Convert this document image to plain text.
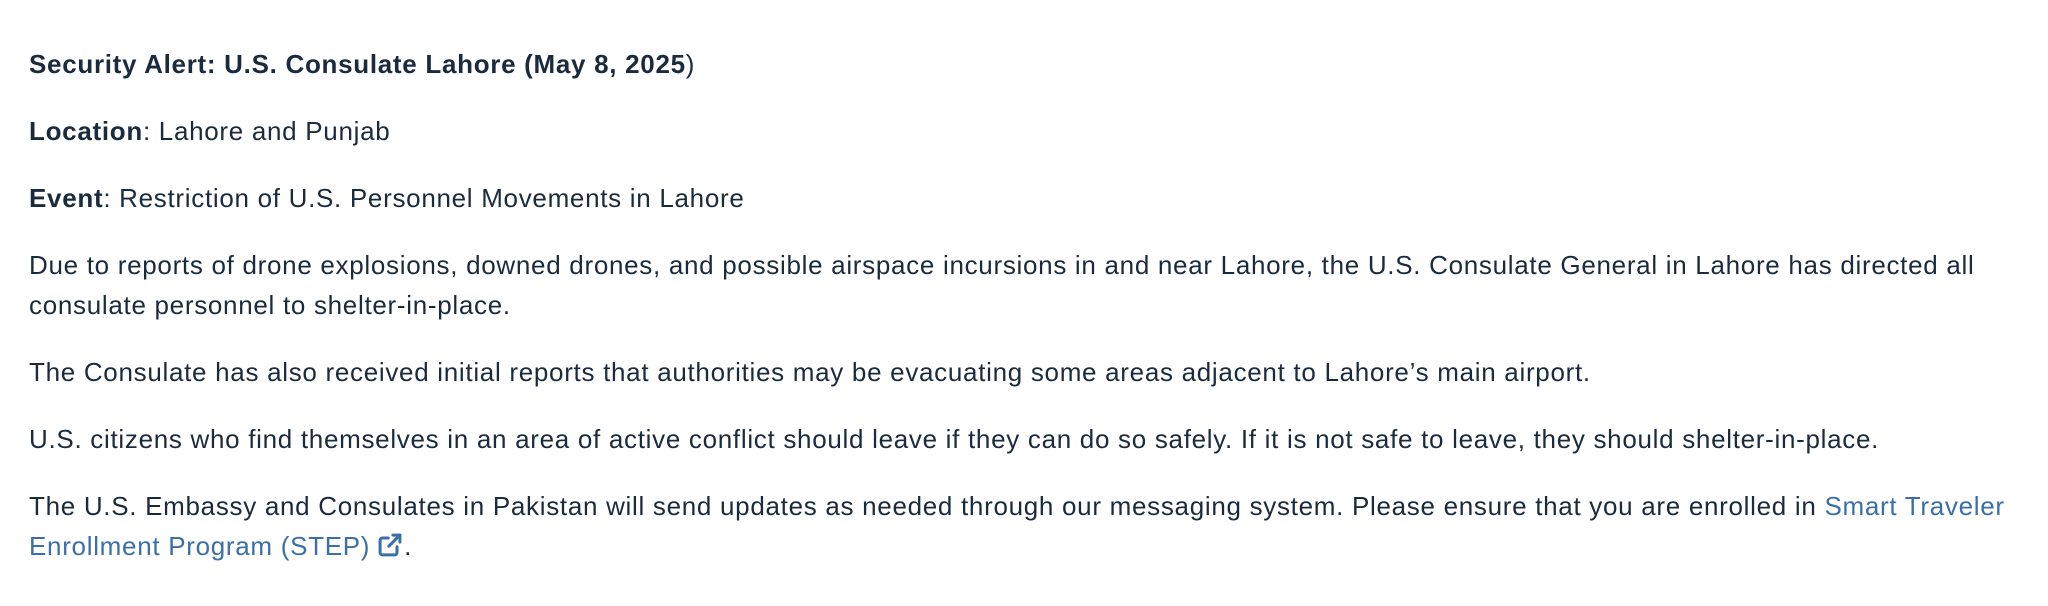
Security Alert: U.S. Consulate Lahore (May 8, 2025)

Location: Lahore and Punjab

Event: Restriction of U.S. Personnel Movements in Lahore

Due to reports of drone explosions, downed drones, and possible airspace incursions in and near Lahore, the U.S. Consulate General in Lahore has directed all consulate personnel to shelter-in-place.

The Consulate has also received initial reports that authorities may be evacuating some areas adjacent to Lahore’s main airport.

U.S. citizens who find themselves in an area of active conflict should leave if they can do so safely. If it is not safe to leave, they should shelter-in-place.

The U.S. Embassy and Consulates in Pakistan will send updates as needed through our messaging system. Please ensure that you are enrolled in Smart Traveler Enrollment Program (STEP) .
